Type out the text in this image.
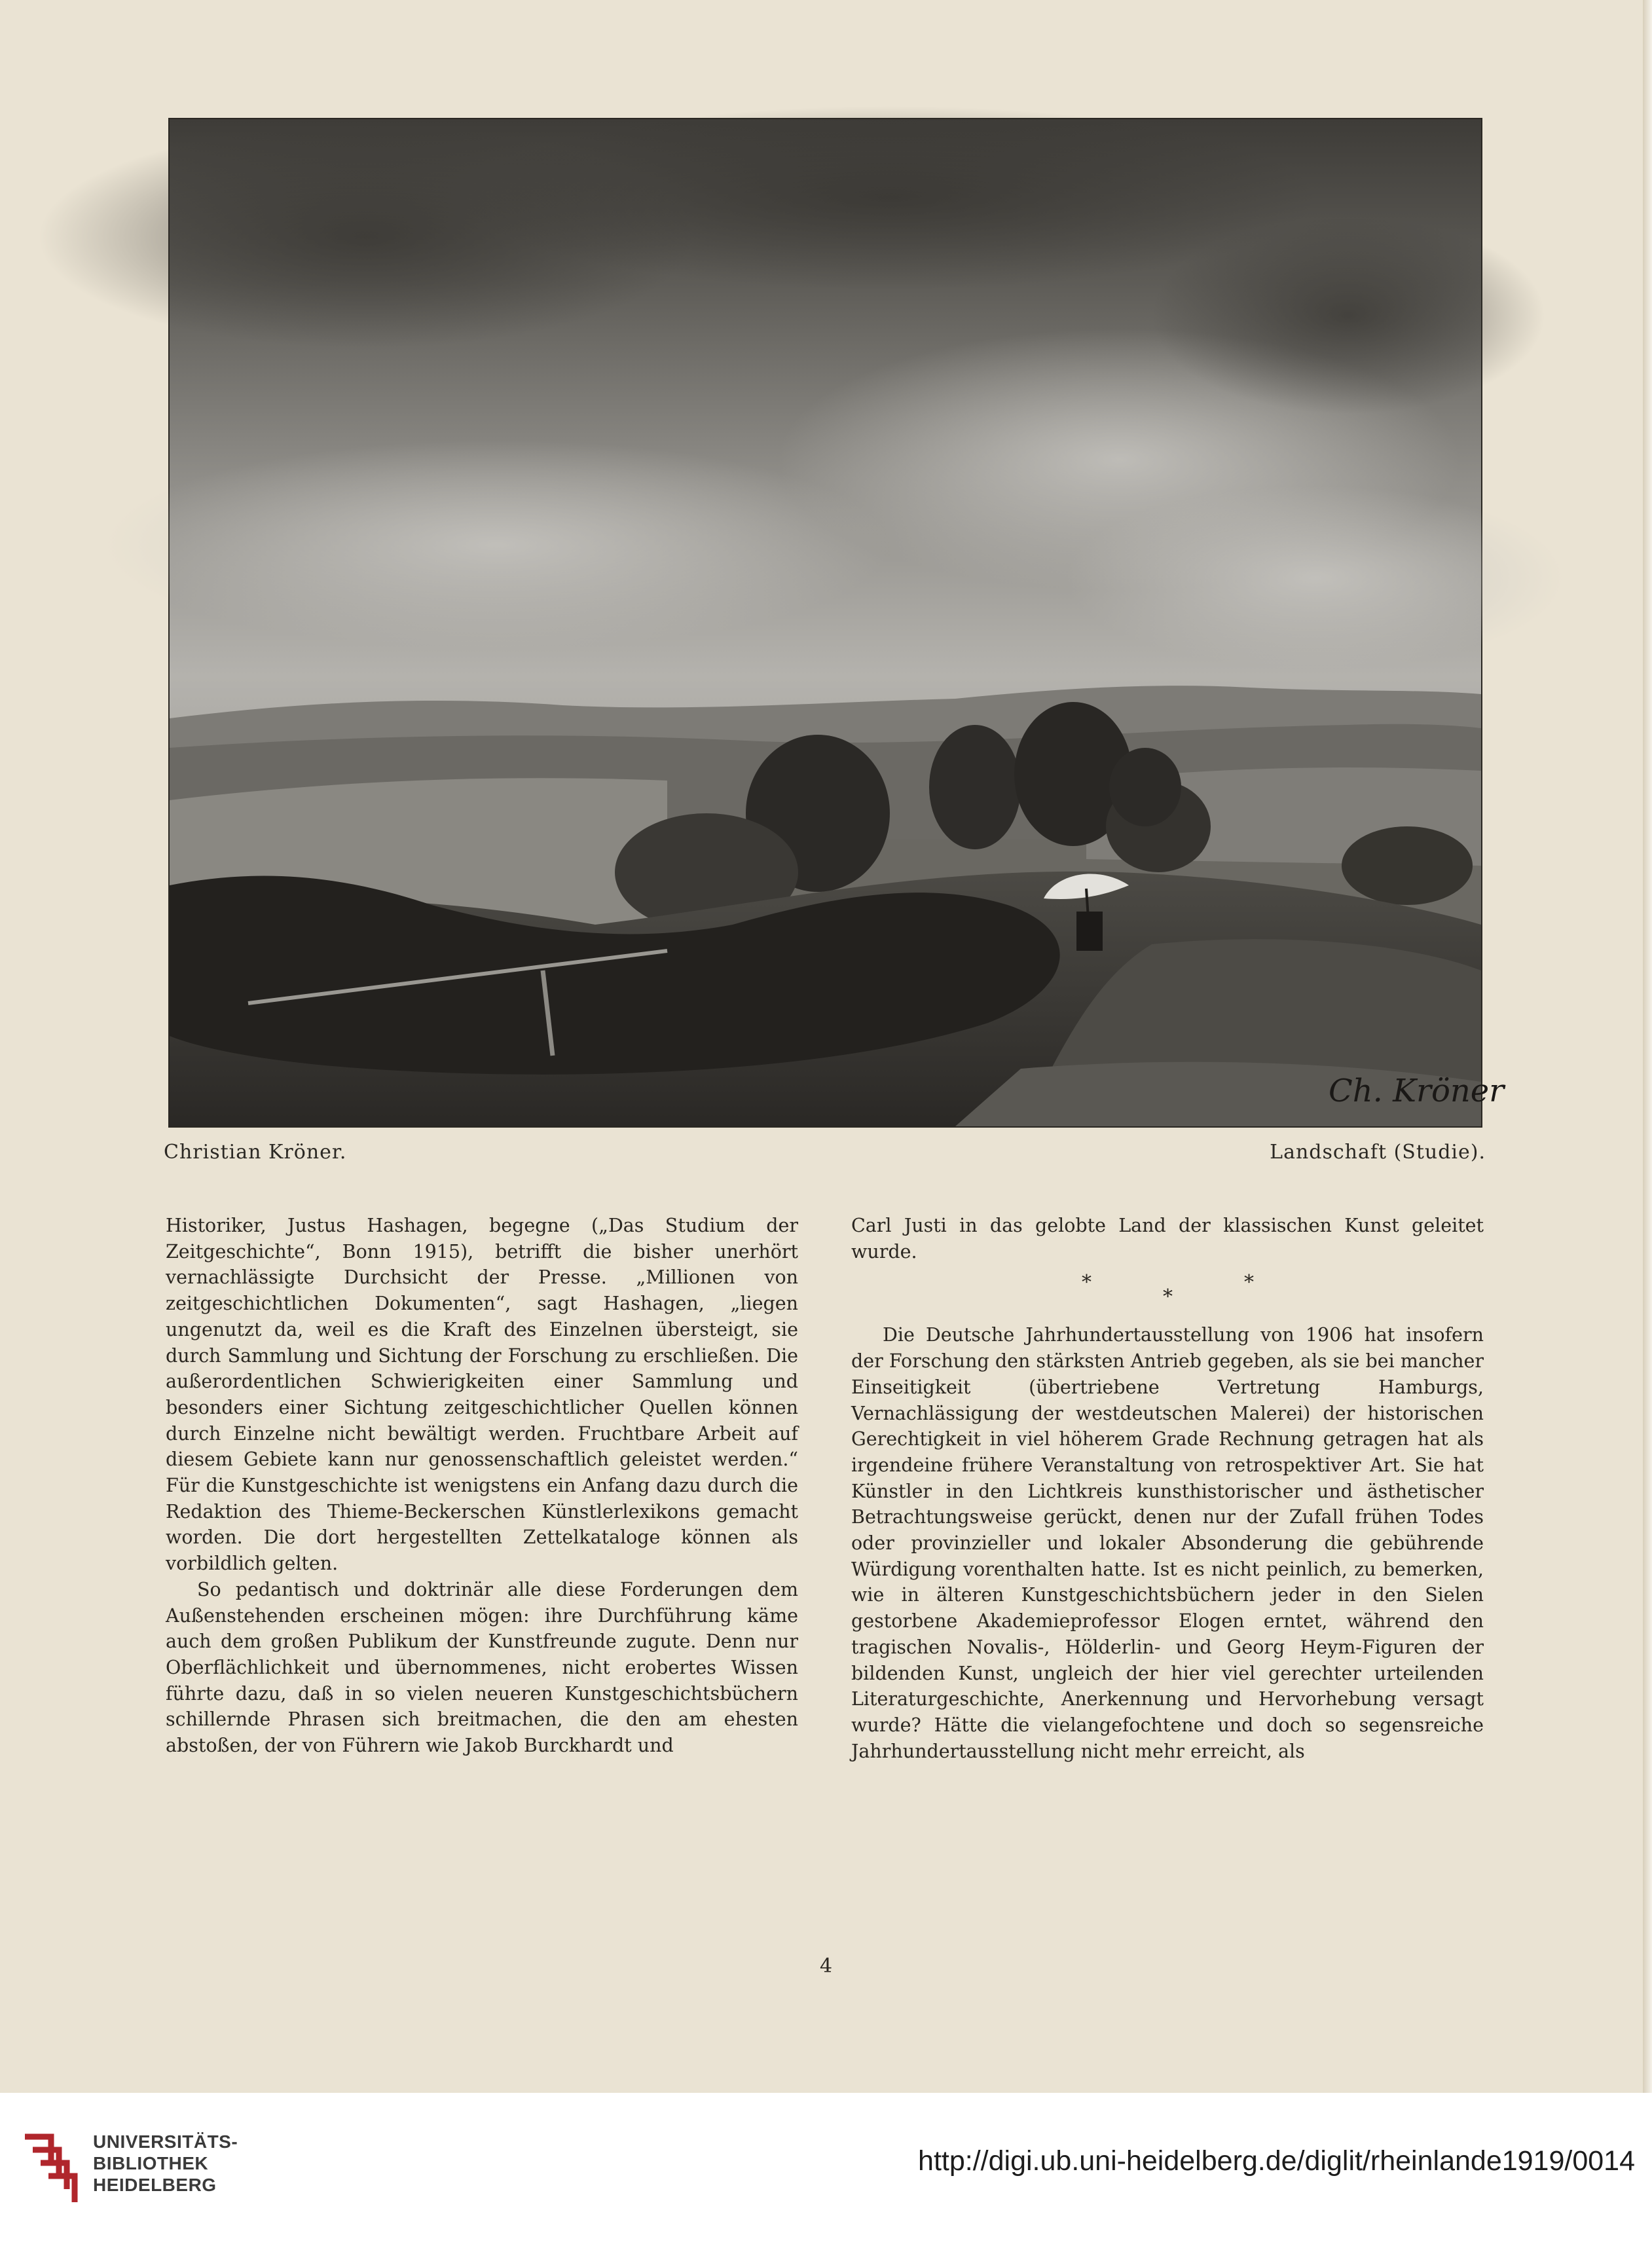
Ch. Kröner
Christian Kröner.	Landschaft (Studie).

Historiker, Justus Hashagen, begegne („Das Studium der Zeitgeschichte“, Bonn 1915), betrifft die bisher unerhört vernachlässigte Durchsicht der Presse. „Millionen von zeitgeschichtlichen Dokumenten“, sagt Hashagen, „liegen ungenutzt da, weil es die Kraft des Einzelnen übersteigt, sie durch Sammlung und Sichtung der Forschung zu erschließen. Die außerordentlichen Schwierigkeiten einer Sammlung und besonders einer Sichtung zeitgeschichtlicher Quellen können durch Einzelne nicht bewältigt werden. Fruchtbare Arbeit auf diesem Gebiete kann nur genossenschaftlich geleistet werden.“ Für die Kunstgeschichte ist wenigstens ein Anfang dazu durch die Redaktion des Thieme-Beckerschen Künstlerlexikons gemacht worden. Die dort hergestellten Zettelkataloge können als vorbildlich gelten.

So pedantisch und doktrinär alle diese Forderungen dem Außenstehenden erscheinen mögen: ihre Durchführung käme auch dem großen Publikum der Kunstfreunde zugute. Denn nur Oberflächlichkeit und übernommenes, nicht erobertes Wissen führte dazu, daß in so vielen neueren Kunstgeschichtsbüchern schillernde Phrasen sich breitmachen, die den am ehesten abstoßen, der von Führern wie Jakob Burckhardt und

Carl Justi in das gelobte Land der klassischen Kunst geleitet wurde.

*
*
*

Die Deutsche Jahrhundertausstellung von 1906 hat insofern der Forschung den stärksten Antrieb gegeben, als sie bei mancher Einseitigkeit (übertriebene Vertretung Hamburgs, Vernachlässigung der westdeutschen Malerei) der historischen Gerechtigkeit in viel höherem Grade Rechnung getragen hat als irgendeine frühere Veranstaltung von retrospektiver Art. Sie hat Künstler in den Lichtkreis kunsthistorischer und ästhetischer Betrachtungsweise gerückt, denen nur der Zufall frühen Todes oder provinzieller und lokaler Absonderung die gebührende Würdigung vorenthalten hatte. Ist es nicht peinlich, zu bemerken, wie in älteren Kunstgeschichtsbüchern jeder in den Sielen gestorbene Akademieprofessor Elogen erntet, während den tragischen Novalis-, Hölderlin- und Georg Heym-Figuren der bildenden Kunst, ungleich der hier viel gerechter urteilenden Literaturgeschichte, Anerkennung und Hervorhebung versagt wurde? Hätte die vielangefochtene und doch so segensreiche Jahrhundertausstellung nicht mehr erreicht, als

4
UNIVERSITÄTS-
BIBLIOTHEK
HEIDELBERG
http://digi.ub.uni-heidelberg.de/diglit/rheinlande1919/0014
